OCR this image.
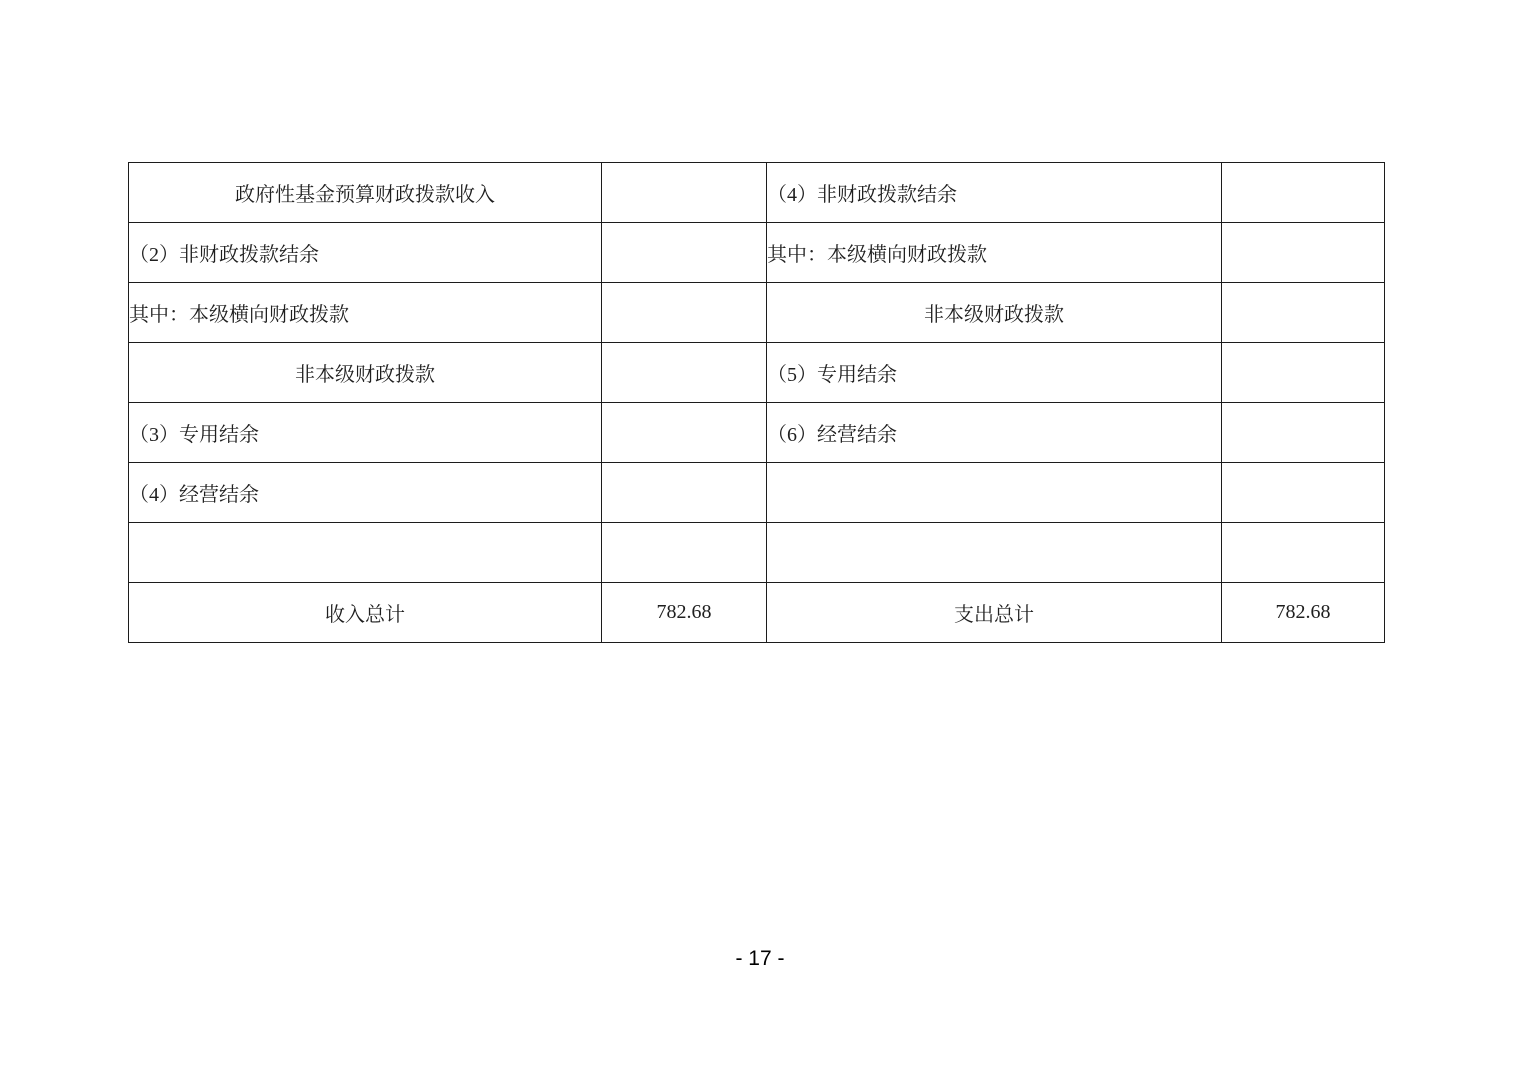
政府性基金预算财政拨款收入		（4）非财政拨款结余	
（2）非财政拨款结余		其中：本级横向财政拨款	
其中：本级横向财政拨款		非本级财政拨款	
非本级财政拨款		（5）专用结余	
（3）专用结余		（6）经营结余	
（4）经营结余			

收入总计	782.68	支出总计	782.68
- 17 -
